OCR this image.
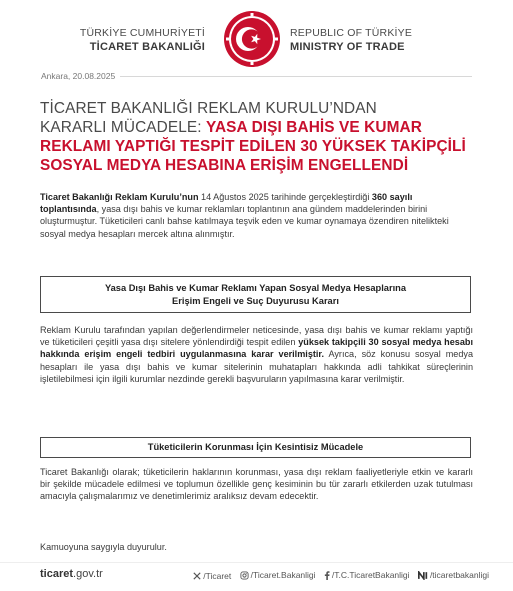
TÜRKİYE CUMHURİYETİ
TİCARET BAKANLIĞI
REPUBLIC OF TÜRKİYE
MINISTRY OF TRADE
Ankara, 20.08.2025
TİCARET BAKANLIĞI REKLAM KURULU’NDAN
KARARLI MÜCADELE: YASA DIŞI BAHİS VE KUMAR
REKLAMI YAPTIĞI TESPİT EDİLEN 30 YÜKSEK TAKİPÇİLİ
SOSYAL MEDYA HESABINA ERİŞİM ENGELLENDİ
Ticaret Bakanlığı Reklam Kurulu’nun 14 Ağustos 2025 tarihinde gerçekleştirdiği 360 sayılı toplantısında, yasa dışı bahis ve kumar reklamları toplantının ana gündem maddelerinden birini oluşturmuştur. Tüketicileri canlı bahse katılmaya teşvik eden ve kumar oynamaya özendiren nitelikteki sosyal medya hesapları mercek altına alınmıştır.
Yasa Dışı Bahis ve Kumar Reklamı Yapan Sosyal Medya Hesaplarına
Erişim Engeli ve Suç Duyurusu Kararı
Reklam Kurulu tarafından yapılan değerlendirmeler neticesinde, yasa dışı bahis ve kumar reklamı yaptığı ve tüketicileri çeşitli yasa dışı sitelere yönlendirdiği tespit edilen yüksek takipçili 30 sosyal medya hesabı hakkında erişim engeli tedbiri uygulanmasına karar verilmiştir. Ayrıca, söz konusu sosyal medya hesapları ile yasa dışı bahis ve kumar sitelerinin muhatapları hakkında adli tahkikat süreçlerinin işletilebilmesi için ilgili kurumlar nezdinde gerekli başvuruların yapılmasına karar verilmiştir.
Tüketicilerin Korunması İçin Kesintisiz Mücadele
Ticaret Bakanlığı olarak; tüketicilerin haklarının korunması, yasa dışı reklam faaliyetleriyle etkin ve kararlı bir şekilde mücadele edilmesi ve toplumun özellikle genç kesiminin bu tür zararlı etkilerden uzak tutulması amacıyla çalışmalarımız ve denetimlerimiz aralıksız devam edecektir.
Kamuoyuna saygıyla duyurulur.
ticaret.gov.tr	/Ticaret
/Ticaret.Bakanligi
/T.C.TicaretBakanligi
/ticaretbakanligi
